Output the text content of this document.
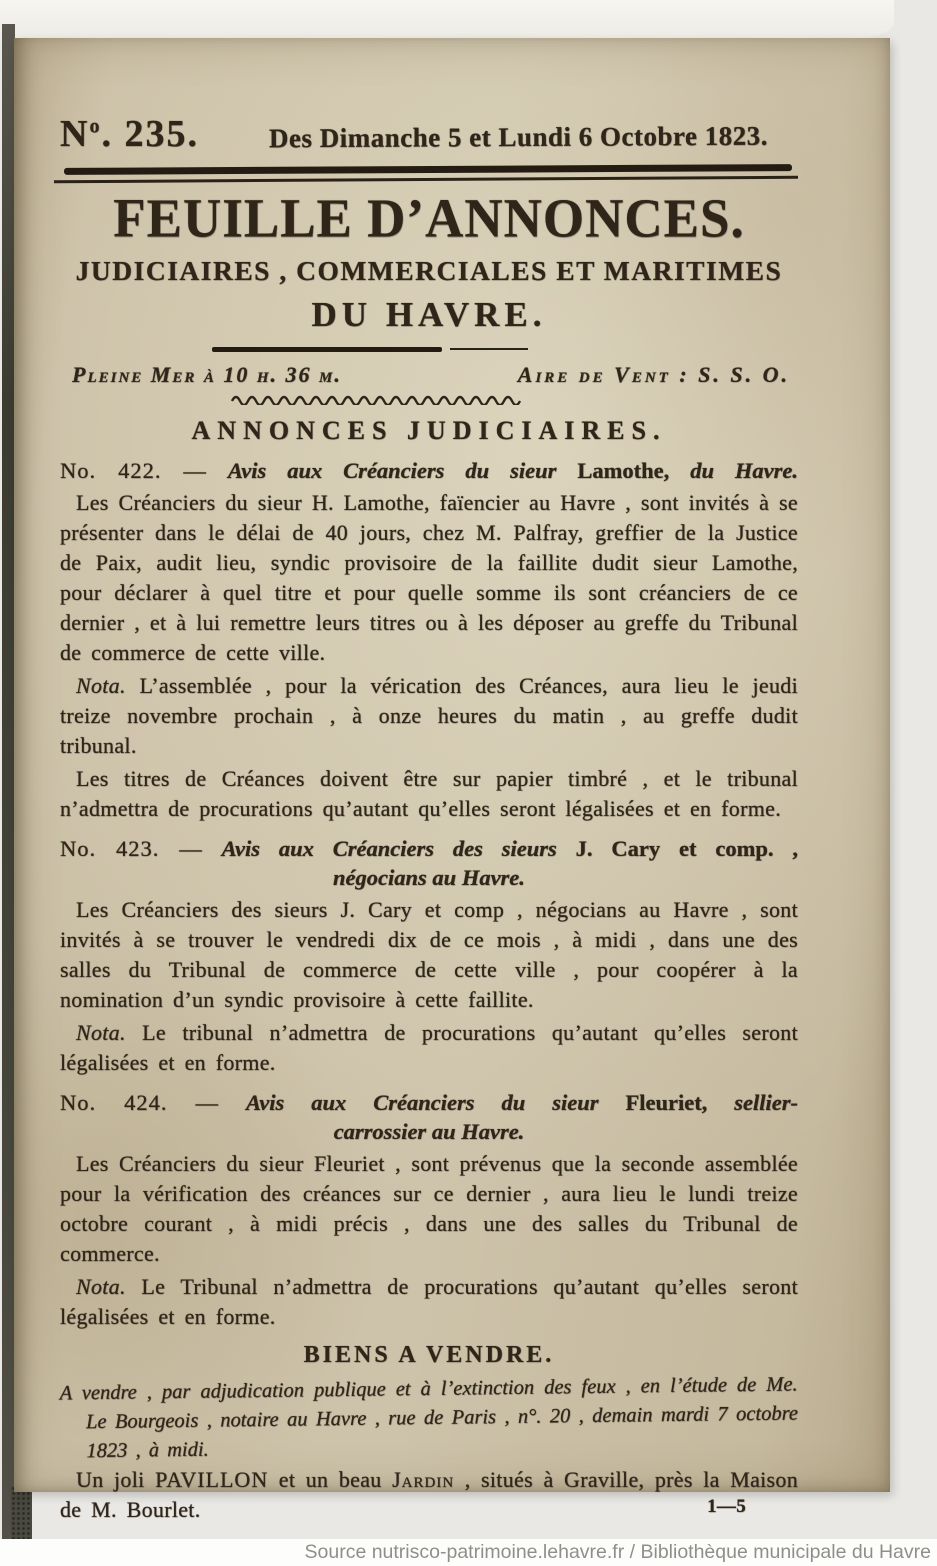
$N^o$. 235.	Des Dimanche 5 et Lundi 6 Octobre 1823.
FEUILLE D’ANNONCES.
JUDICIAIRES , COMMERCIALES ET MARITIMES
DU HAVRE.
Pleine Mer à 10 h. 36 m.	Aire de Vent : S. S. O.
ANNONCES JUDICIAIRES.
No. 422. — Avis aux Créanciers du sieur Lamothe, du Havre.

Les Créanciers du sieur H. Lamothe, faïencier au Havre , sont invités à se présenter dans le délai de 40 jours, chez M. Palfray, greffier de la Justice de Paix, audit lieu, syndic provisoire de la faillite dudit sieur Lamothe, pour déclarer à quel titre et pour quelle somme ils sont créanciers de ce dernier , et à lui remettre leurs titres ou à les déposer au greffe du Tribunal de commerce de cette ville.

Nota. L’assemblée , pour la vérication des Créances, aura lieu le jeudi treize novembre prochain , à onze heures du matin , au greffe dudit tribunal.

Les titres de Créances doivent être sur papier timbré , et le tribunal n’admettra de procurations qu’autant qu’elles seront légalisées et en forme.

No. 423. — Avis aux Créanciers des sieurs J. Cary et comp. ,
négocians au Havre.

Les Créanciers des sieurs J. Cary et comp , négocians au Havre , sont invités à se trouver le vendredi dix de ce mois , à midi , dans une des salles du Tribunal de commerce de cette ville , pour coopérer à la nomination d’un syndic provisoire à cette faillite.

Nota. Le tribunal n’admettra de procurations qu’autant qu’elles seront légalisées et en forme.

No. 424. — Avis aux Créanciers du sieur Fleuriet, sellier-
carrossier au Havre.

Les Créanciers du sieur Fleuriet , sont prévenus que la seconde assemblée pour la vérification des créances sur ce dernier , aura lieu le lundi treize octobre courant , à midi précis , dans une des salles du Tribunal de commerce.

Nota. Le Tribunal n’admettra de procurations qu’autant qu’elles seront légalisées et en forme.

BIENS A VENDRE.

A vendre , par adjudication publique et à l’extinction des feux , en l’étude de Me. Le Bourgeois , notaire au Havre , rue de Paris , n°. 20 , demain mardi 7 octobre 1823 , à midi.

Un joli PAVILLON et un beau Jardin , situés à Graville, près la Maison de M. Bourlet.	1—5

Source nutrisco-patrimoine.lehavre.fr / Bibliothèque municipale du Havre
